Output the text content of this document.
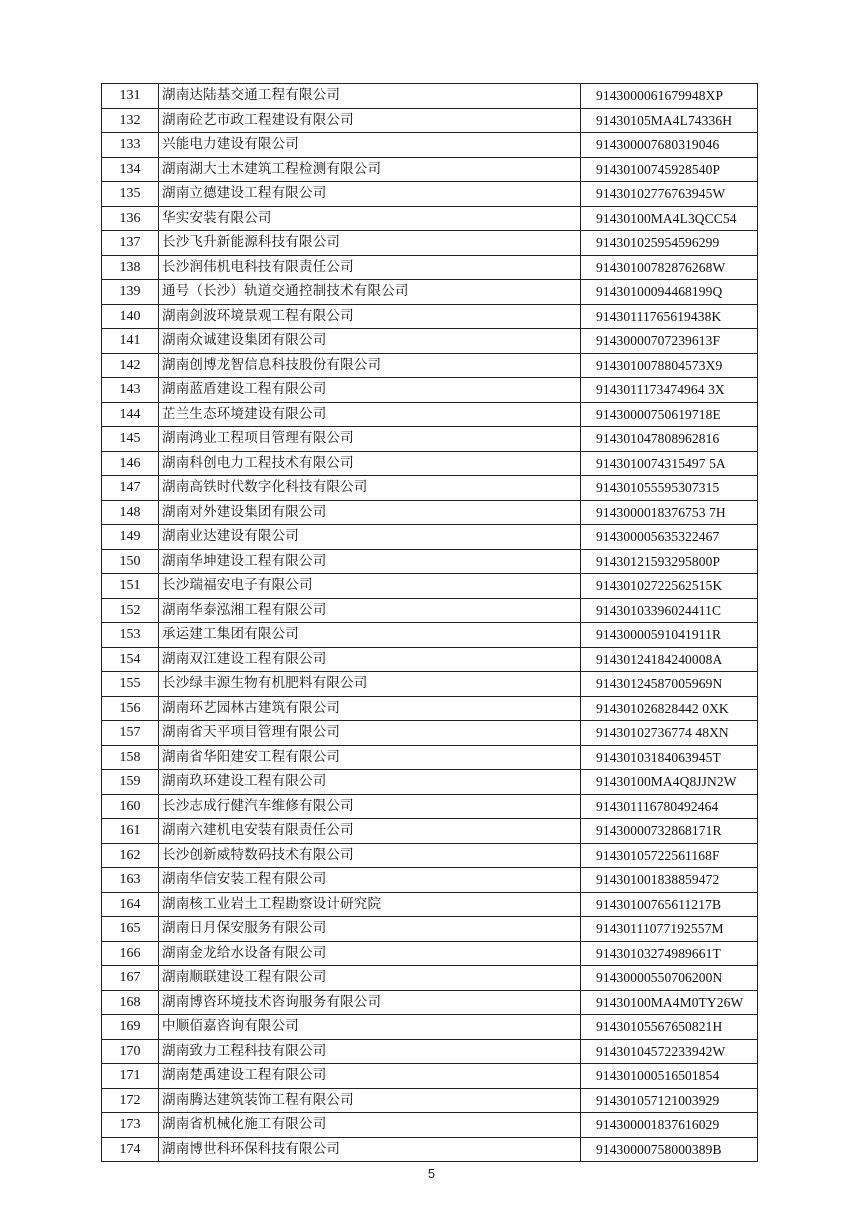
131	湖南达陆基交通工程有限公司	9143000061679948XP
132	湖南砼艺市政工程建设有限公司	91430105MA4L74336H
133	兴能电力建设有限公司	914300007680319046
134	湖南湖大土木建筑工程检测有限公司	91430100745928540P
135	湖南立德建设工程有限公司	91430102776763945W
136	华实安装有限公司	91430100MA4L3QCC54
137	长沙飞升新能源科技有限公司	914301025954596299
138	长沙润伟机电科技有限责任公司	91430100782876268W
139	通号（长沙）轨道交通控制技术有限公司	91430100094468199Q
140	湖南剑波环境景观工程有限公司	91430111765619438K
141	湖南众诚建设集团有限公司	91430000707239613F
142	湖南创博龙智信息科技股份有限公司	9143010078804573X9
143	湖南蓝盾建设工程有限公司	9143011173474964 3X
144	芷兰生态环境建设有限公司	91430000750619718E
145	湖南鸿业工程项目管理有限公司	914301047808962816
146	湖南科创电力工程技术有限公司	9143010074315497 5A
147	湖南高铁时代数字化科技有限公司	914301055595307315
148	湖南对外建设集团有限公司	9143000018376753 7H
149	湖南业达建设有限公司	914300005635322467
150	湖南华坤建设工程有限公司	91430121593295800P
151	长沙瑞福安电子有限公司	91430102722562515K
152	湖南华泰泓湘工程有限公司	91430103396024411C
153	承运建工集团有限公司	91430000591041911R
154	湖南双江建设工程有限公司	91430124184240008A
155	长沙绿丰源生物有机肥料有限公司	91430124587005969N
156	湖南环艺园林古建筑有限公司	914301026828442 0XK
157	湖南省天平项目管理有限公司	91430102736774 48XN
158	湖南省华阳建安工程有限公司	91430103184063945T
159	湖南玖环建设工程有限公司	91430100MA4Q8JJN2W
160	长沙志成行健汽车维修有限公司	914301116780492464
161	湖南六建机电安装有限责任公司	91430000732868171R
162	长沙创新威特数码技术有限公司	91430105722561168F
163	湖南华信安装工程有限公司	914301001838859472
164	湖南核工业岩土工程勘察设计研究院	91430100765611217B
165	湖南日月保安服务有限公司	91430111077192557M
166	湖南金龙给水设备有限公司	91430103274989661T
167	湖南顺联建设工程有限公司	91430000550706200N
168	湖南博咨环境技术咨询服务有限公司	91430100MA4M0TY26W
169	中顺佰嘉咨询有限公司	91430105567650821H
170	湖南致力工程科技有限公司	91430104572233942W
171	湖南楚禹建设工程有限公司	914301000516501854
172	湖南腾达建筑装饰工程有限公司	914301057121003929
173	湖南省机械化施工有限公司	914300001837616029
174	湖南博世科环保科技有限公司	91430000758000389B
5
